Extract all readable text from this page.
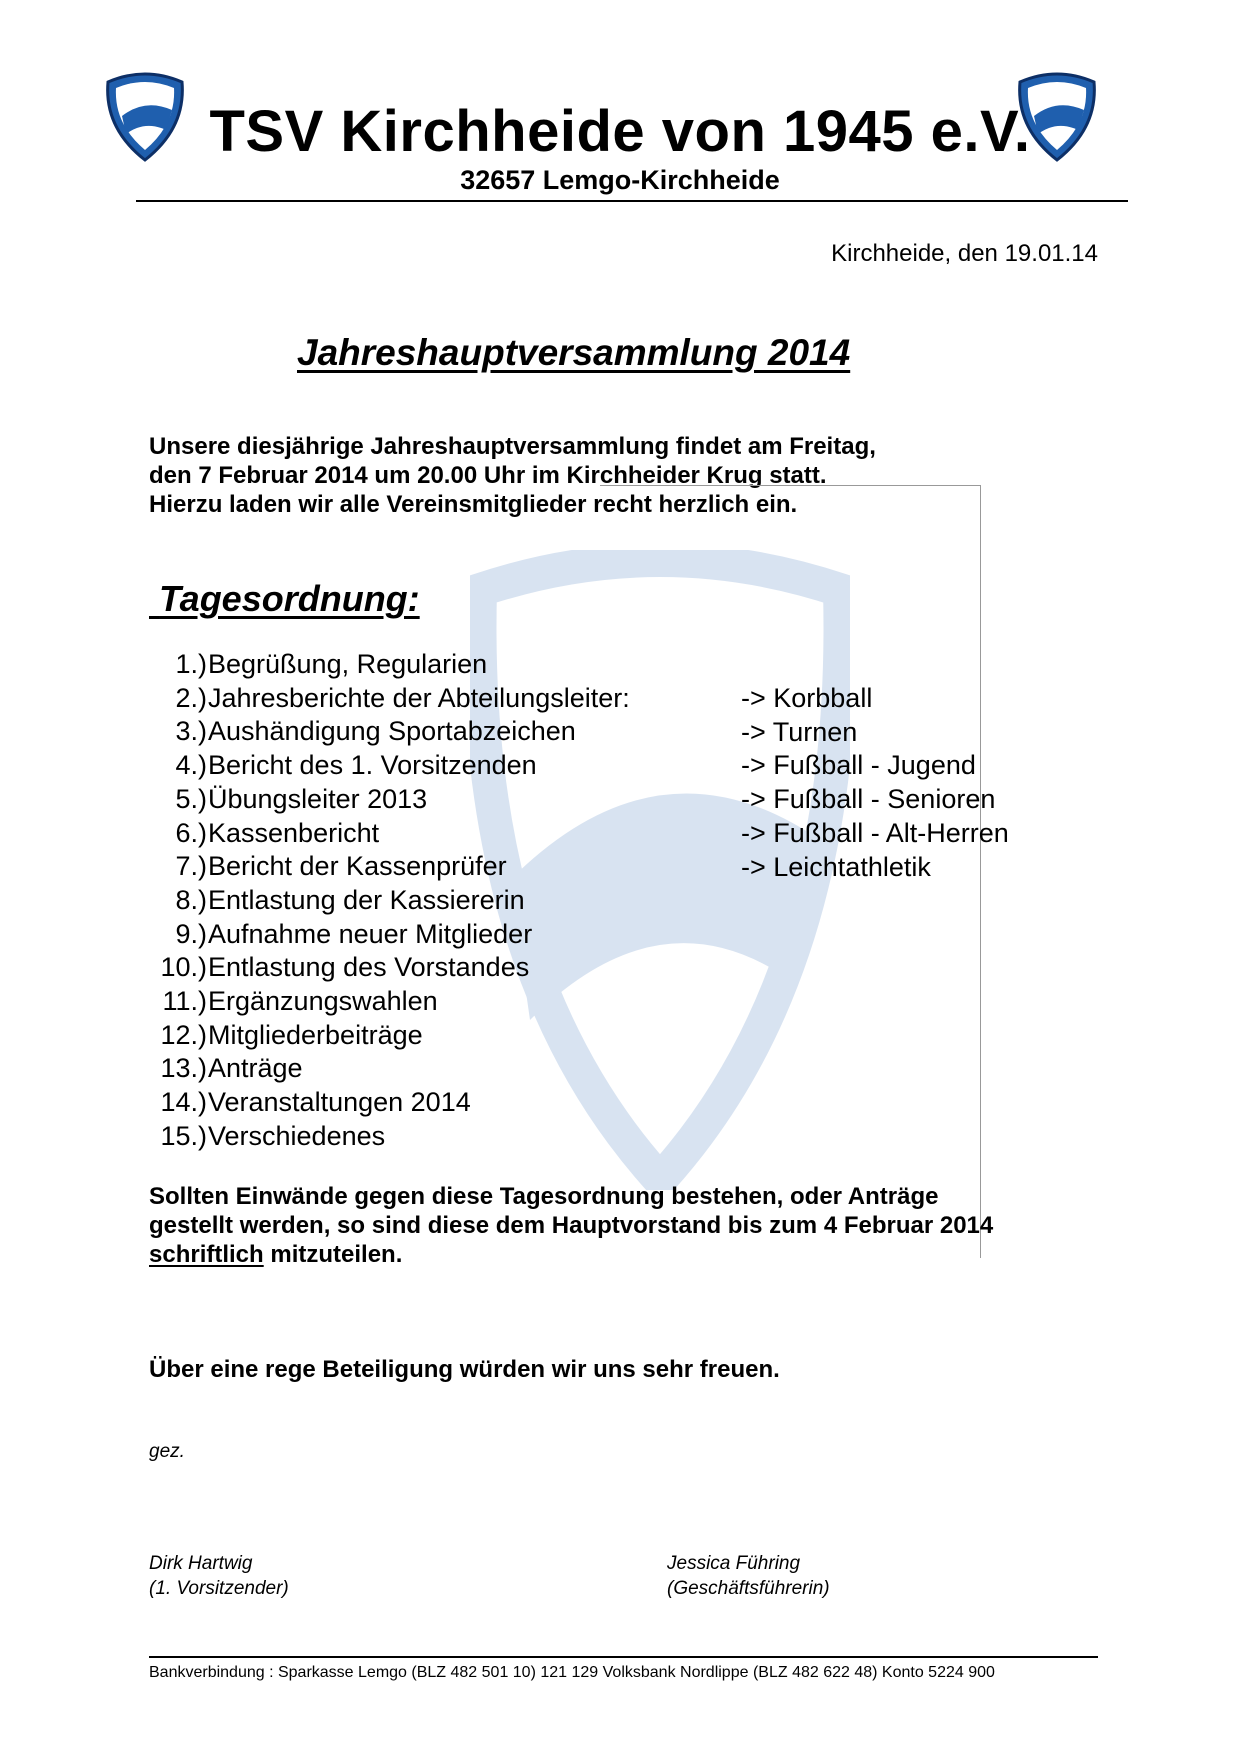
TSV Kirchheide von 1945 e.V.
32657 Lemgo-Kirchheide
Kirchheide, den 19.01.14
Jahreshauptversammlung 2014
Unsere diesjährige Jahreshauptversammlung findet am Freitag,
den 7 Februar 2014 um 20.00 Uhr im Kirchheider Krug statt.
Hierzu laden wir alle Vereinsmitglieder recht herzlich ein.
Tagesordnung:
1.) Begrüßung, Regularien
2.) Jahresberichte der Abteilungsleiter:
3.) Aushändigung Sportabzeichen
4.) Bericht des 1. Vorsitzenden
5.) Übungsleiter 2013
6.) Kassenbericht
7.) Bericht der Kassenprüfer
8.) Entlastung der Kassiererin
9.) Aufnahme neuer Mitglieder
10.) Entlastung des Vorstandes
11.) Ergänzungswahlen
12.) Mitgliederbeiträge
13.) Anträge
14.) Veranstaltungen 2014
15.) Verschiedenes
-> Korbball
-> Turnen
-> Fußball - Jugend
-> Fußball - Senioren
-> Fußball - Alt-Herren
-> Leichtathletik
Sollten Einwände gegen diese Tagesordnung bestehen, oder Anträge
gestellt werden, so sind diese dem Hauptvorstand bis zum 4 Februar 2014
schriftlich mitzuteilen.
Über eine rege Beteiligung würden wir uns sehr freuen.
gez.
Dirk Hartwig
(1. Vorsitzender)
Jessica Führing
(Geschäftsführerin)
Bankverbindung : Sparkasse Lemgo (BLZ 482 501 10) 121 129 Volksbank Nordlippe (BLZ 482 622 48) Konto 5224 900
